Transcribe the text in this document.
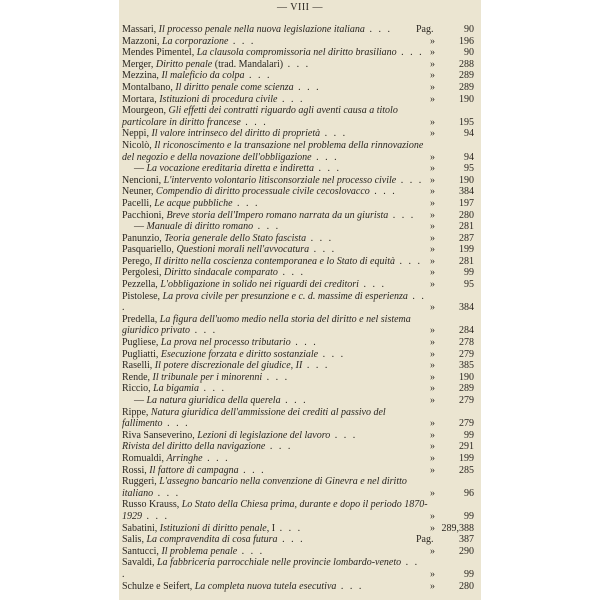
— VIII —
Massari, Il processo penale nella nuova legislazione italiana . . .	Pag.	90
Mazzoni, La corporazione . . .	» 196
Mendes Pimentel, La clausola compromissoria nel diritto brasiliano . . . »	90
Merger, Diritto penale (trad. Mandalari) . . .	» 288
Mezzina, Il maleficio da colpa . . .	» 289
Montalbano, Il diritto penale come scienza . . .	» 289
Mortara, Istituzioni di procedura civile . . .	» 190
Mourgeon, Gli effetti dei contratti riguardo agli aventi causa a titolo particolare in diritto francese . . .	» 195
Neppi, Il valore intrinseco del diritto di proprietà . . .	»	94
Nicolò, Il riconoscimento e la transazione nel problema della rinnovazione del negozio e della novazione dell'obbligazione . . .	»	94
— La vocazione ereditaria diretta e indiretta . . .	»	95
Nencioni, L'intervento volontario litisconsorziale nel processo civile . . . » 190
Neuner, Compendio di diritto processuale civile cecoslovacco . . .	» 384
Pacelli, Le acque pubbliche . . .	» 197
Pacchioni, Breve storia dell'Impero romano narrata da un giurista . . .	» 280
— Manuale di diritto romano . . .	» 281
Panunzio, Teoria generale dello Stato fascista . . .	» 287
Pasquariello, Questioni morali nell'avvocatura . . .	» 199
Perego, Il diritto nella coscienza contemporanea e lo Stato di equità . . . » 281
Pergolesi, Diritto sindacale comparato . . .	»	99
Pezzella, L'obbligazione in solido nei riguardi dei creditori . . .	»	95
Pistolese, La prova civile per presunzione e c. d. massime di esperienza . . .	» 384
Predella, La figura dell'uomo medio nella storia del diritto e nel sistema giuridico privato . . .	» 284
Pugliese, La prova nel processo tributario . . .	» 278
Pugliatti, Esecuzione forzata e diritto sostanziale . . .	» 279
Raselli, Il potere discrezionale del giudice, II . . .	» 385
Rende, Il tribunale per i minorenni . . .	» 190
Riccio, La bigamia . . .	» 289
— La natura giuridica della querela . . .	» 279
Rippe, Natura giuridica dell'ammissione dei crediti al passivo del fallimento . . .	» 279
Riva Sanseverino, Lezioni di legislazione del lavoro . . .	»	99
Rivista del diritto della navigazione . . .	» 291
Romualdi, Arringhe . . .	» 199
Rossi, Il fattore di campagna . . .	» 285
Ruggeri, L'assegno bancario nella convenzione di Ginevra e nel diritto italiano . . .	»	96
Russo Krauss, Lo Stato della Chiesa prima, durante e dopo il periodo 1870-1929 . . .	»	99
Sabatini, Istituzioni di diritto penale, I . . .	» 289,388
Salis, La compravendita di cosa futura . . .	Pag.	387
Santucci, Il problema penale . . .	» 290
Savaldi, La fabbriceria parrocchiale nelle provincie lombardo-veneto . . .	»	99
Schulze e Seifert, La completa nuova tutela esecutiva . . .	» 280
